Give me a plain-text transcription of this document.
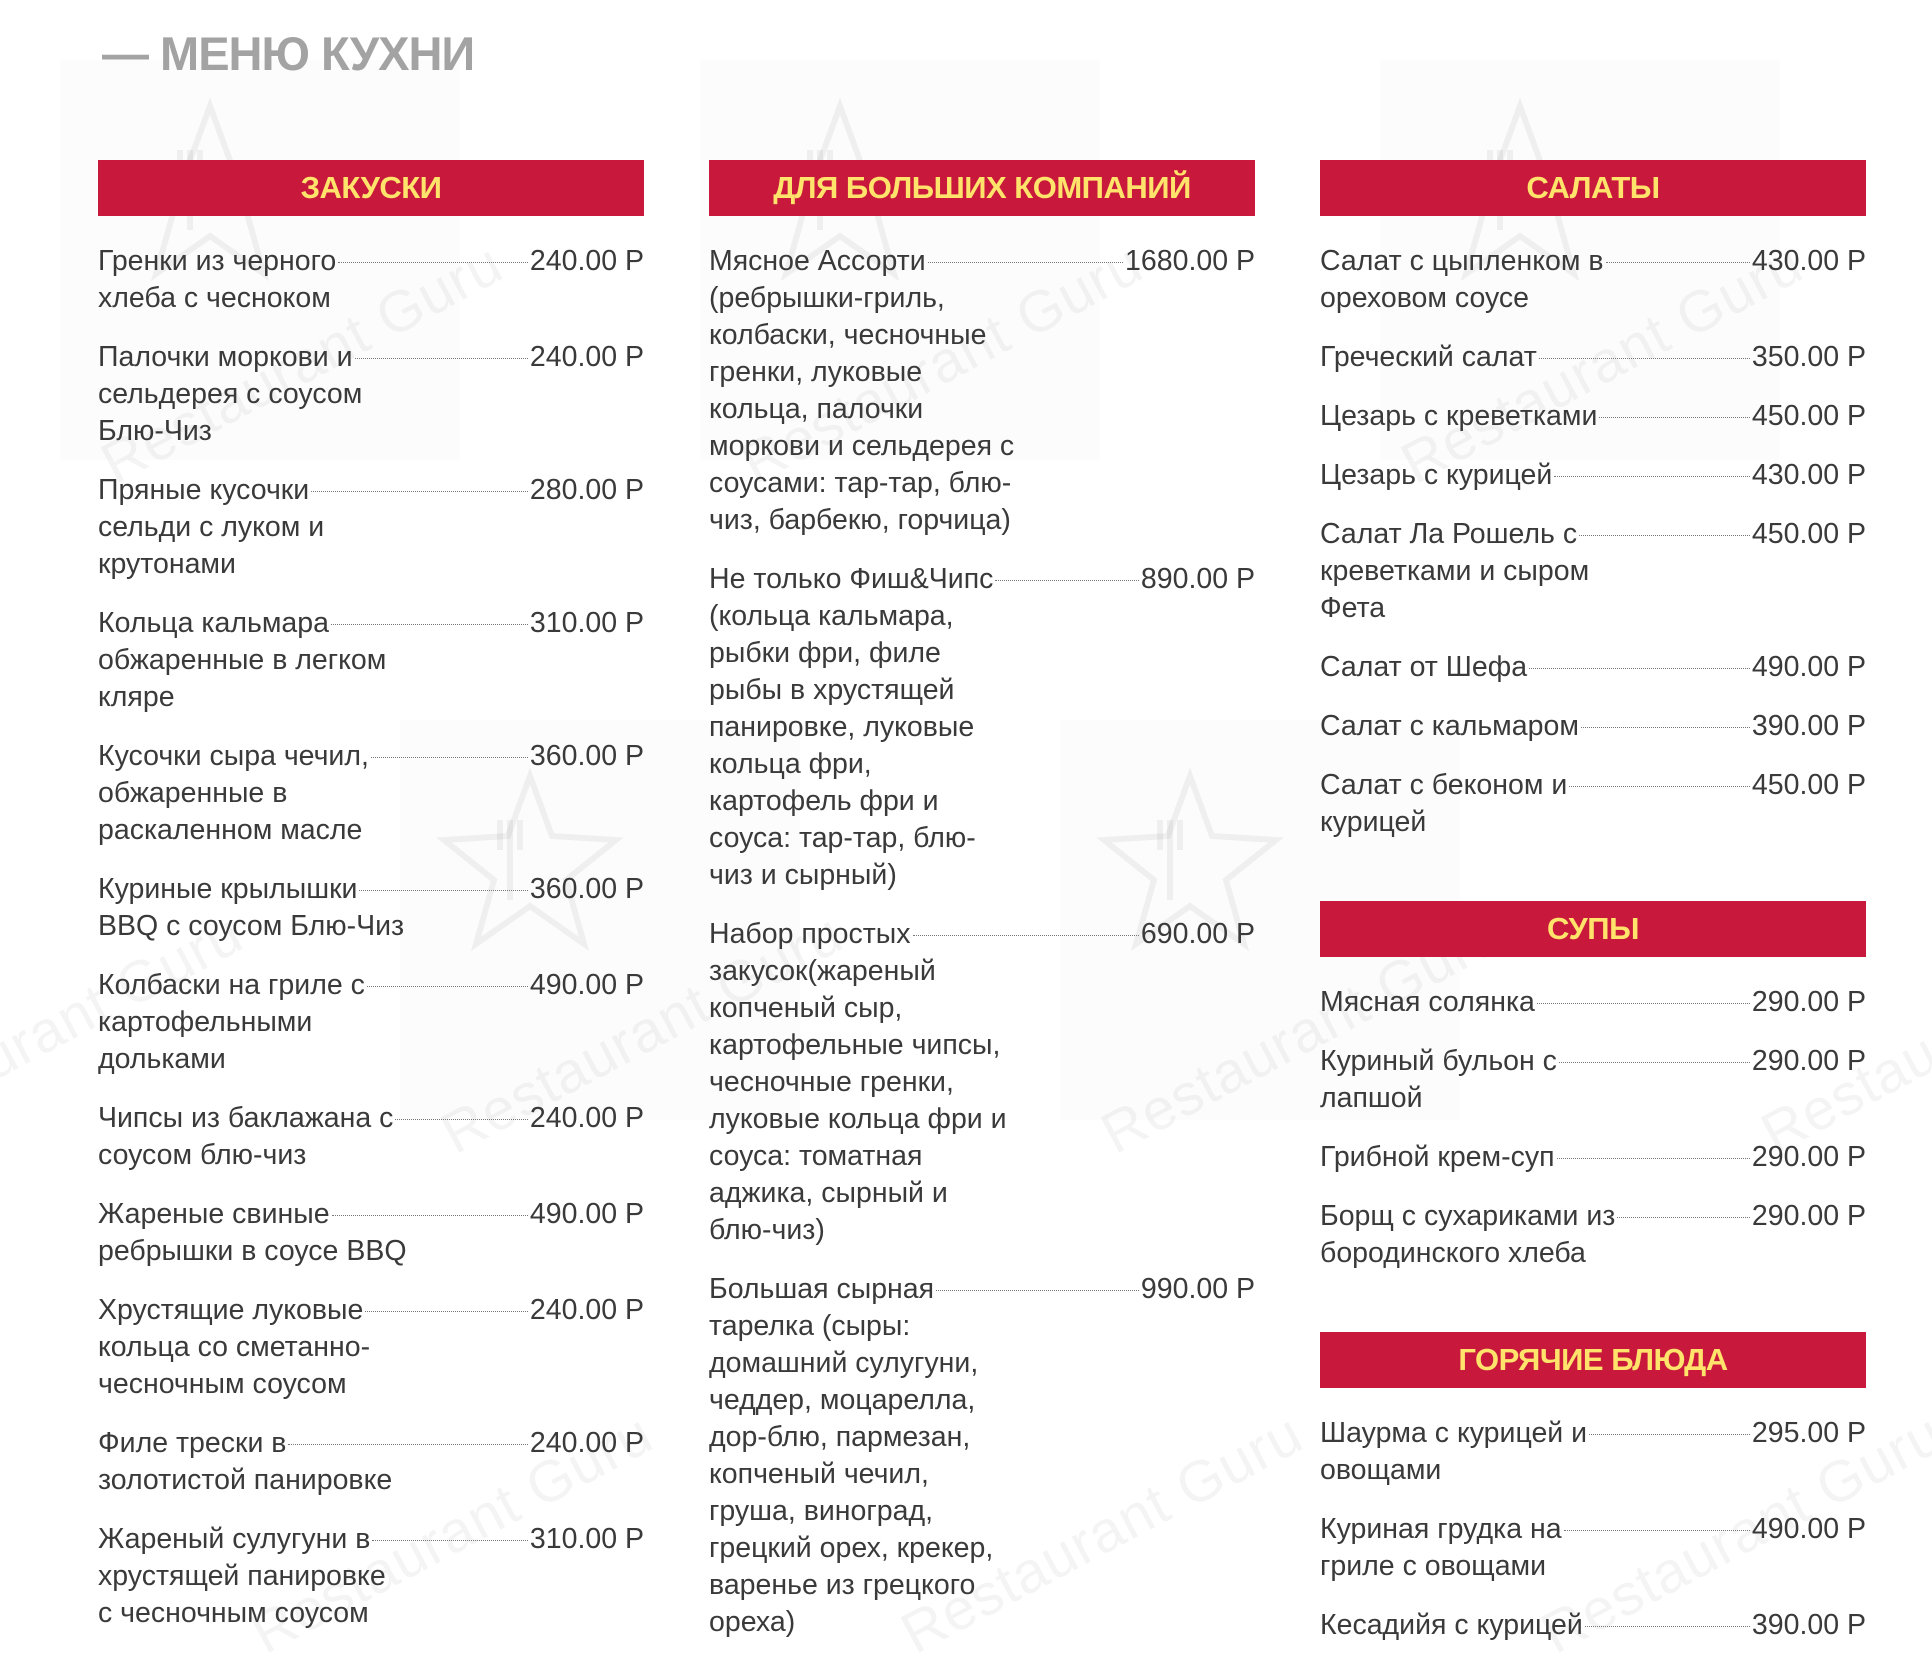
— МЕНЮ КУХНИ
ЗАКУСКИ
Гренки из черного	240.00 Р
хлеба с чесноком
Палочки моркови и	240.00 Р
сельдерея с соусом
Блю-Чиз
Пряные кусочки	280.00 Р
сельди с луком и
крутонами
Кольца кальмара	310.00 Р
обжаренные в легком
кляре
Кусочки сыра чечил,	360.00 Р
обжаренные в
раскаленном масле
Куриные крылышки	360.00 Р
BBQ с соусом Блю-Чиз
Колбаски на гриле с	490.00 Р
картофельными
дольками
Чипсы из баклажана с	240.00 Р
соусом блю-чиз
Жареные свиные	490.00 Р
ребрышки в соусе BBQ
Хрустящие луковые	240.00 Р
кольца со сметанно-
чесночным соусом
Филе трески в	240.00 Р
золотистой панировке
Жареный сулугуни в	310.00 Р
хрустящей панировке
с чесночным соусом
ДЛЯ БОЛЬШИХ КОМПАНИЙ
Мясное Ассорти	1680.00 Р
(ребрышки-гриль,
колбаски, чесночные
гренки, луковые
кольца, палочки
моркови и сельдерея с
соусами: тар-тар, блю-
чиз, барбекю, горчица)
Не только Фиш&Чипс	890.00 Р
(кольца кальмара,
рыбки фри, филе
рыбы в хрустящей
панировке, луковые
кольца фри,
картофель фри и
соуса: тар-тар, блю-
чиз и сырный)
Набор простых	690.00 Р
закусок(жареный
копченый сыр,
картофельные чипсы,
чесночные гренки,
луковые кольца фри и
соуса: томатная
аджика, сырный и
блю-чиз)
Большая сырная	990.00 Р
тарелка (сыры:
домашний сулугуни,
чеддер, моцарелла,
дор-блю, пармезан,
копченый чечил,
груша, виноград,
грецкий орех, крекер,
варенье из грецкого
ореха)
САЛАТЫ
Салат с цыпленком в	430.00 Р
ореховом соусе
Греческий салат	350.00 Р
Цезарь с креветками	450.00 Р
Цезарь с курицей	430.00 Р
Салат Ла Рошель с	450.00 Р
креветками и сыром
Фета
Салат от Шефа	490.00 Р
Салат с кальмаром	390.00 Р
Салат с беконом и	450.00 Р
курицей
СУПЫ
Мясная солянка	290.00 Р
Куриный бульон с	290.00 Р
лапшой
Грибной крем-суп	290.00 Р
Борщ с сухариками из	290.00 Р
бородинского хлеба
ГОРЯЧИЕ БЛЮДА
Шаурма с курицей и	295.00 Р
овощами
Куриная грудка на	490.00 Р
гриле с овощами
Кесадийя с курицей	390.00 Р
